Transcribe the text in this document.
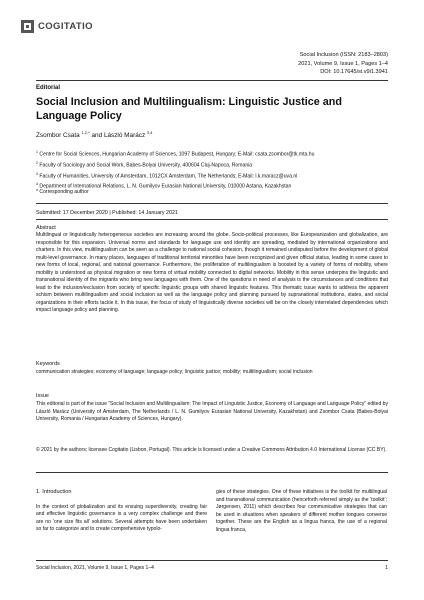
COGITATIO
Social Inclusion (ISSN: 2183–2803)
2021, Volume 9, Issue 1, Pages 1–4
DOI: 10.17645/si.v9i1.3941
Editorial
Social Inclusion and Multilingualism: Linguistic Justice and Language Policy
Zsombor Csata $^{1,2,*}$ and László Marácz $^{3,4}$
$^1$ Centre for Social Sciences, Hungarian Academy of Sciences, 1097 Budapest, Hungary; E-Mail: csata.zsombor@tk.mta.hu
$^2$ Faculty of Sociology and Social Work, Babes-Bolyai University, 400604 Cluj-Napoca, Romania
$^3$ Faculty of Humanities, University of Amsterdam, 1012CX Amsterdam, The Netherlands; E-Mail: l.k.maracz@uva.nl
$^4$ Department of International Relations, L. N. Gumilyov Eurasian National University, 010000 Astana, Kazakhstan
* Corresponding author
Submitted: 17 December 2020 | Published: 14 January 2021
Abstract
Multilingual or linguistically heterogeneous societies are increasing around the globe. Socio-political processes, like Europeanization and globalization, are responsible for this expansion. Universal norms and standards for language use and identity are spreading, mediated by international organizations and charters. In this view, multilingualism can be seen as a challenge to national social cohesion, though it remained undisputed before the development of global multi-level governance. In many places, languages of traditional territorial minorities have been recognized and given official status, leading in some cases to new forms of local, regional, and national governance. Furthermore, the proliferation of multilingualism is boosted by a variety of forms of mobility, where mobility is understood as physical migration or new forms of virtual mobility connected to digital networks. Mobility in this sense underpins the linguistic and transnational identity of the migrants who bring new languages with them. One of the questions in need of analysis is the circumstances and conditions that lead to the inclusion/exclusion from society of specific linguistic groups with shared linguistic features. This thematic issue wants to address the apparent schism between multilingualism and social inclusion as well as the language policy and planning pursued by supranational institutions, states, and social organizations in their efforts tackle it. In this issue, the focus of study of linguistically diverse societies will be on the closely interrelated dependencies which impact language policy and planning.
Keywords
communication strategies; economy of language; language policy; linguistic justice; mobility; multilingualism; social inclusion
Issue
This editorial is part of the issue “Social Inclusion and Multilingualism: The Impact of Linguistic Justice, Economy of Language and Language Policy” edited by László Marácz (University of Amsterdam, The Netherlands / L. N. Gumilyov Eurasian National University, Kazakhstan) and Zsombor Csata (Babes-Bolyai University, Romania / Hungarian Academy of Sciences, Hungary).
© 2021 by the authors; licensee Cogitatio (Lisbon, Portugal). This article is licensed under a Creative Commons Attribution 4.0 International License (CC BY).
1. Introduction
In the context of globalization and its ensuing superdiversity, creating fair and effective linguistic governance is a very complex challenge and there are no ‘one size fits all’ solutions. Several attempts have been undertaken so far to categorize and to create comprehensive typolo-
gies of these strategies. One of these initiatives is the toolkit for multilingual and transnational communication (henceforth referred simply as the ‘toolkit’; Jørgensen, 2011) which describes four communicative strategies that can be used in situations when speakers of different mother tongues converse together. These are the English as a lingua franca, the use of a regional lingua franca,
Social Inclusion, 2021, Volume 9, Issue 1, Pages 1–4	1
